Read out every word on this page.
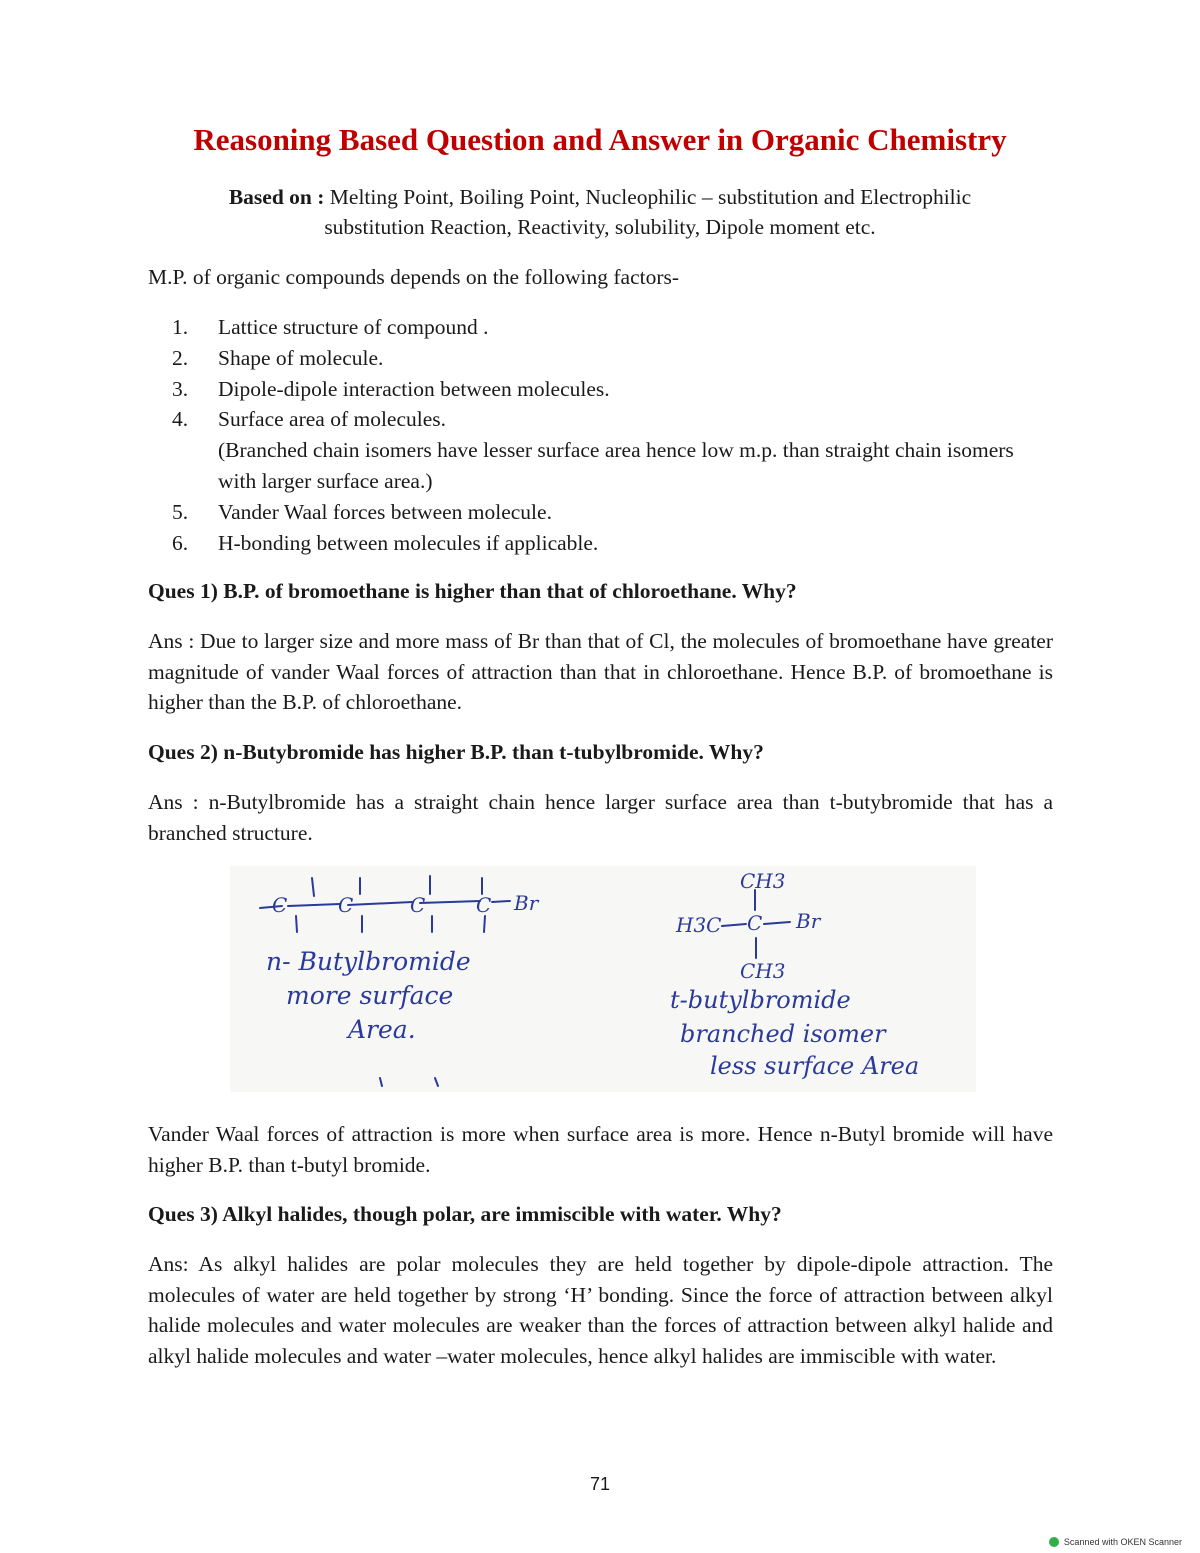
Reasoning Based Question and Answer in Organic Chemistry
Based on : Melting Point, Boiling Point, Nucleophilic – substitution and Electrophilic substitution Reaction, Reactivity, solubility, Dipole moment etc.
M.P. of organic compounds depends on the following factors-
1.	Lattice structure of compound .
2.	Shape of molecule.
3.	Dipole-dipole interaction between molecules.
4.	Surface area of molecules.
(Branched chain isomers have lesser surface area hence low m.p. than straight chain isomers with larger surface area.)
5.	Vander Waal forces between molecule.
6.	H-bonding between molecules if applicable.
Ques 1) B.P. of bromoethane is higher than that of chloroethane. Why?
Ans : Due to larger size and more mass of Br than that of Cl, the molecules of bromoethane have greater magnitude of vander Waal forces of attraction than that in chloroethane. Hence B.P. of bromoethane is higher than the B.P. of chloroethane.
Ques 2) n-Butybromide has higher B.P. than t-tubylbromide. Why?
Ans : n-Butylbromide has a straight chain hence larger surface area than t-butybromide that has a branched structure.
C	C	C	C Br
CH3
H3C C Br
CH3
n- Butylbromide
more surface
Area.
t-butylbromide
branched isomer
less surface Area
Vander Waal forces of attraction is more when surface area is more. Hence n-Butyl bromide will have higher B.P. than t-butyl bromide.
Ques 3) Alkyl halides, though polar, are immiscible with water. Why?
Ans: As alkyl halides are polar molecules they are held together by dipole-dipole attraction. The molecules of water are held together by strong ‘H’ bonding. Since the force of attraction between alkyl halide molecules and water molecules are weaker than the forces of attraction between alkyl halide and alkyl halide molecules and water –water molecules, hence alkyl halides are immiscible with water.
71
Scanned with OKEN Scanner
